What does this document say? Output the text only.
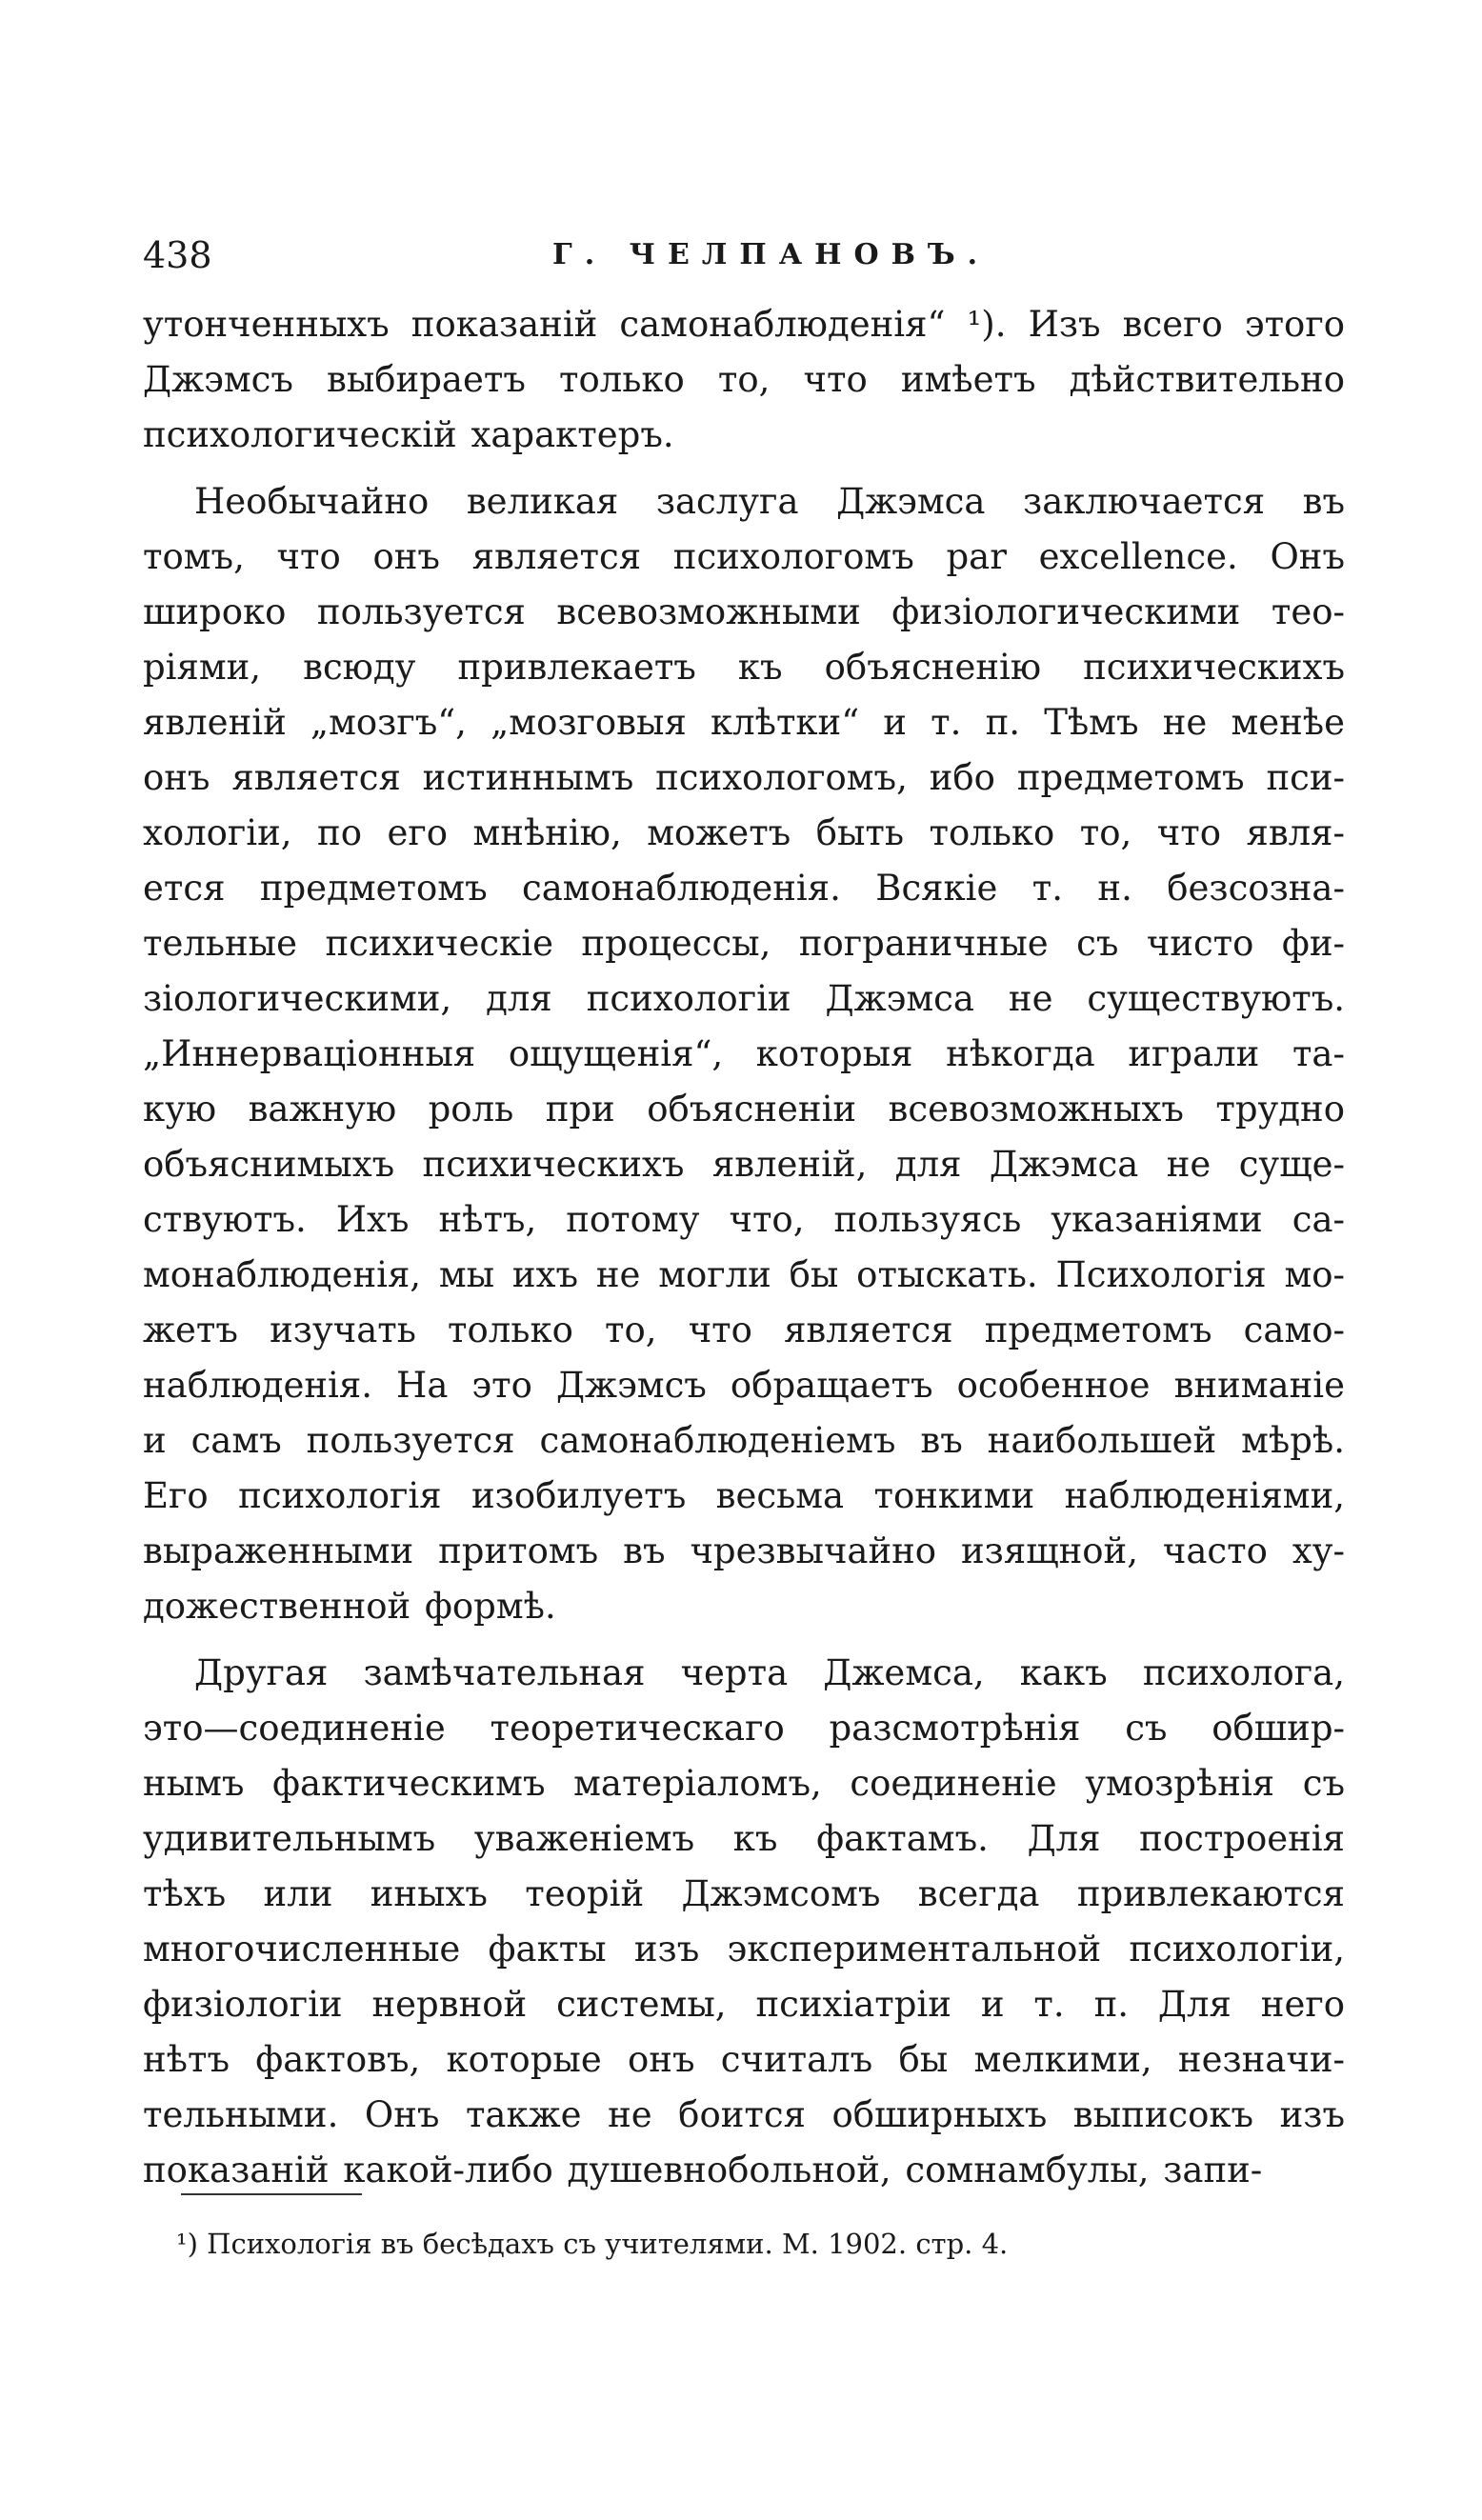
438	Г. ЧЕЛПАНОВЪ.
утонченныхъ показаній самонаблюденія“ ¹). Изъ всего этого
Джэмсъ выбираетъ только то, что имѣетъ дѣйствительно
психологическій характеръ.
Необычайно великая заслуга Джэмса заключается въ
томъ, что онъ является психологомъ par excellence. Онъ
широко пользуется всевозможными физіологическими тео-
ріями, всюду привлекаетъ къ объясненію психическихъ
явленій „мозгъ“, „мозговыя клѣтки“ и т. п. Тѣмъ не менѣе
онъ является истиннымъ психологомъ, ибо предметомъ пси-
хологіи, по его мнѣнію, можетъ быть только то, что явля-
ется предметомъ самонаблюденія. Всякіе т. н. безсозна-
тельные психическіе процессы, пограничные съ чисто фи-
зіологическими, для психологіи Джэмса не существуютъ.
„Иннерваціонныя ощущенія“, которыя нѣкогда играли та-
кую важную роль при объясненіи всевозможныхъ трудно
объяснимыхъ психическихъ явленій, для Джэмса не суще-
ствуютъ. Ихъ нѣтъ, потому что, пользуясь указаніями са-
монаблюденія, мы ихъ не могли бы отыскать. Психологія мо-
жетъ изучать только то, что является предметомъ само-
наблюденія. На это Джэмсъ обращаетъ особенное вниманіе
и самъ пользуется самонаблюденіемъ въ наибольшей мѣрѣ.
Его психологія изобилуетъ весьма тонкими наблюденіями,
выраженными притомъ въ чрезвычайно изящной, часто ху-
дожественной формѣ.
Другая замѣчательная черта Джемса, какъ психолога,
это—соединеніе теоретическаго разсмотрѣнія съ обшир-
нымъ фактическимъ матеріаломъ, соединеніе умозрѣнія съ
удивительнымъ уваженіемъ къ фактамъ. Для построенія
тѣхъ или иныхъ теорій Джэмсомъ всегда привлекаются
многочисленные факты изъ экспериментальной психологіи,
физіологіи нервной системы, психіатріи и т. п. Для него
нѣтъ фактовъ, которые онъ считалъ бы мелкими, незначи-
тельными. Онъ также не боится обширныхъ выписокъ изъ
показаній какой-либо душевнобольной, сомнамбулы, запи-
¹) Психологія въ бесѣдахъ съ учителями. М. 1902. стр. 4.
